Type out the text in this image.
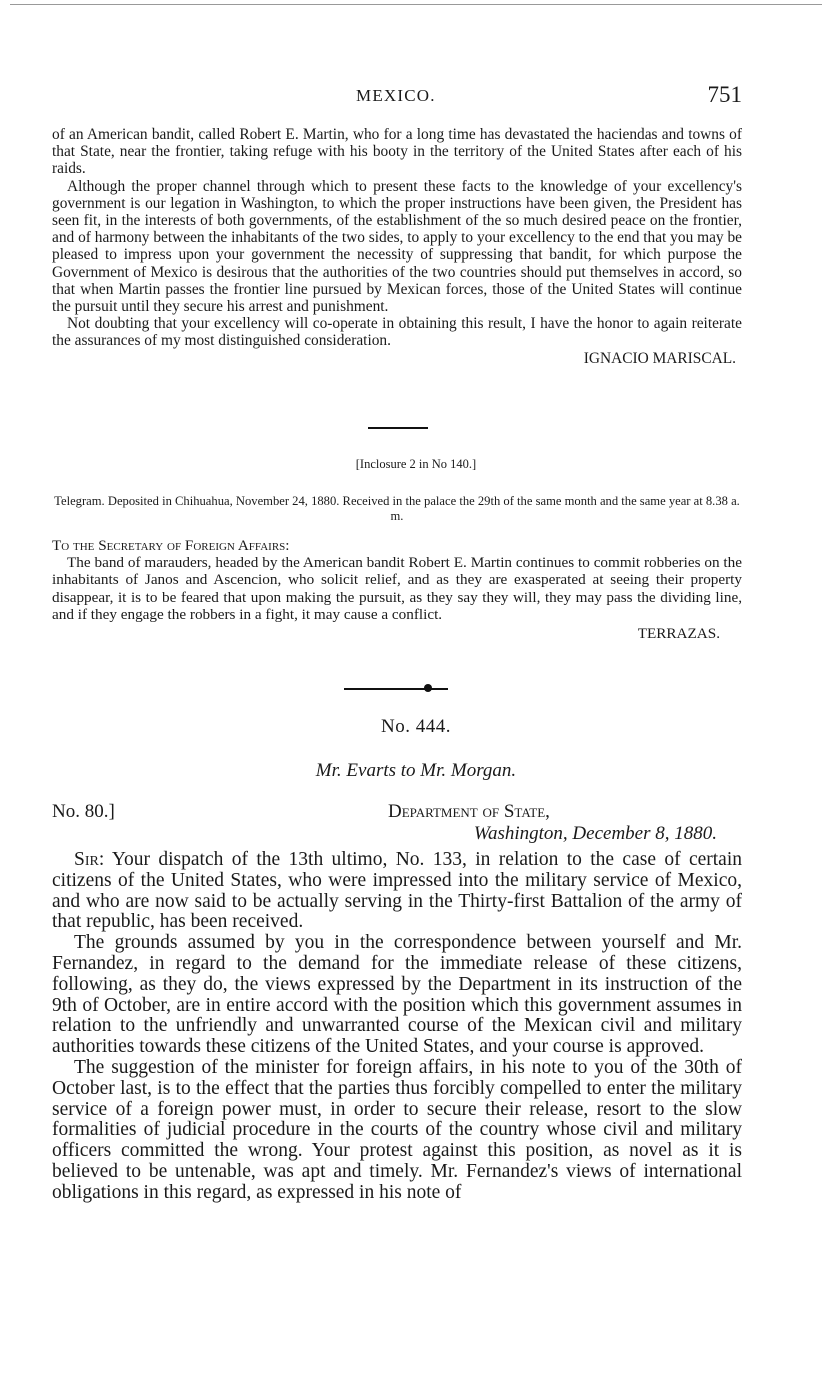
MEXICO.	751

of an American bandit, called Robert E. Martin, who for a long time has devastated the haciendas and towns of that State, near the frontier, taking refuge with his booty in the territory of the United States after each of his raids.

Although the proper channel through which to present these facts to the knowledge of your excellency's government is our legation in Washington, to which the proper instructions have been given, the President has seen fit, in the interests of both governments, of the establishment of the so much desired peace on the frontier, and of harmony between the inhabitants of the two sides, to apply to your excellency to the end that you may be pleased to impress upon your government the necessity of suppressing that bandit, for which purpose the Government of Mexico is desirous that the authorities of the two countries should put themselves in accord, so that when Martin passes the frontier line pursued by Mexican forces, those of the United States will continue the pursuit until they secure his arrest and punishment.

Not doubting that your excellency will co-operate in obtaining this result, I have the honor to again reiterate the assurances of my most distinguished consideration.

IGNACIO MARISCAL.
[Inclosure 2 in No 140.]
Telegram. Deposited in Chihuahua, November 24, 1880. Received in the palace the 29th of the same month and the same year at 8.38 a. m.
To the Secretary of Foreign Affairs:

The band of marauders, headed by the American bandit Robert E. Martin continues to commit robberies on the inhabitants of Janos and Ascencion, who solicit relief, and as they are exasperated at seeing their property disappear, it is to be feared that upon making the pursuit, as they say they will, they may pass the dividing line, and if they engage the robbers in a fight, it may cause a conflict.

TERRAZAS.
No. 444.
Mr. Evarts to Mr. Morgan.
No. 80.]	Department of State,
Washington, December 8, 1880.

Sir: Your dispatch of the 13th ultimo, No. 133, in relation to the case of certain citizens of the United States, who were impressed into the military service of Mexico, and who are now said to be actually serving in the Thirty-first Battalion of the army of that republic, has been received.

The grounds assumed by you in the correspondence between yourself and Mr. Fernandez, in regard to the demand for the immediate release of these citizens, following, as they do, the views expressed by the Department in its instruction of the 9th of October, are in entire accord with the position which this government assumes in relation to the unfriendly and unwarranted course of the Mexican civil and military authorities towards these citizens of the United States, and your course is approved.

The suggestion of the minister for foreign affairs, in his note to you of the 30th of October last, is to the effect that the parties thus forcibly compelled to enter the military service of a foreign power must, in order to secure their release, resort to the slow formalities of judicial procedure in the courts of the country whose civil and military officers committed the wrong. Your protest against this position, as novel as it is believed to be untenable, was apt and timely. Mr. Fernandez's views of international obligations in this regard, as expressed in his note of
